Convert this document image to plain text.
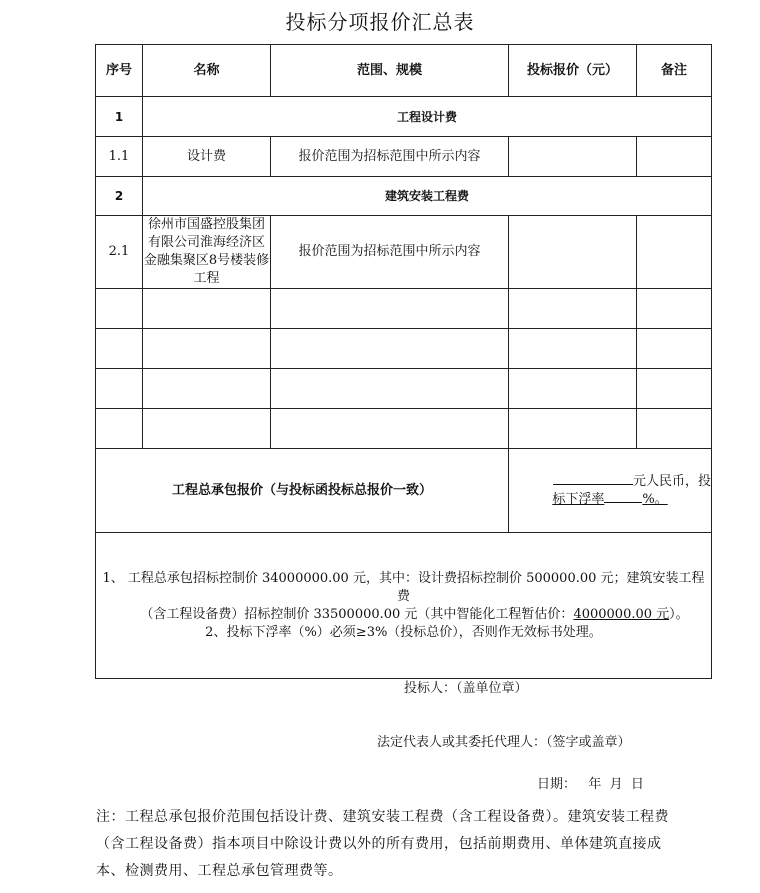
投标分项报价汇总表
序号	名称	范围、规模	投标报价（元）	备注
1	工程设计费			
1.1	设计费	报价范围为招标范围中所示内容		
2	建筑安装工程费			
2.1	徐州市国盛控股集团有限公司淮海经济区金融集聚区8号楼装修工程	报价范围为招标范围中所示内容		

工程总承包报价（与投标函投标总报价一致）			元人民币，投
标下浮率 %。	

1、 工程总承包招标控制价 34000000.00 元，其中：设计费招标控制价 500000.00 元；建筑安装工程费
（含工程设备费）招标控制价 33500000.00 元（其中智能化工程暂估价：4000000.00 元）。
2、投标下浮率（%）必须≥3%（投标总价），否则作无效标书处理。				
投标人：（盖单位章）
法定代表人或其委托代理人：（签字或盖章）
日期：   年  月  日
注：工程总承包报价范围包括设计费、建筑安装工程费（含工程设备费）。建筑安装工程费（含工程设备费）指本项目中除设计费以外的所有费用，包括前期费用、单体建筑直接成本、检测费用、工程总承包管理费等。
